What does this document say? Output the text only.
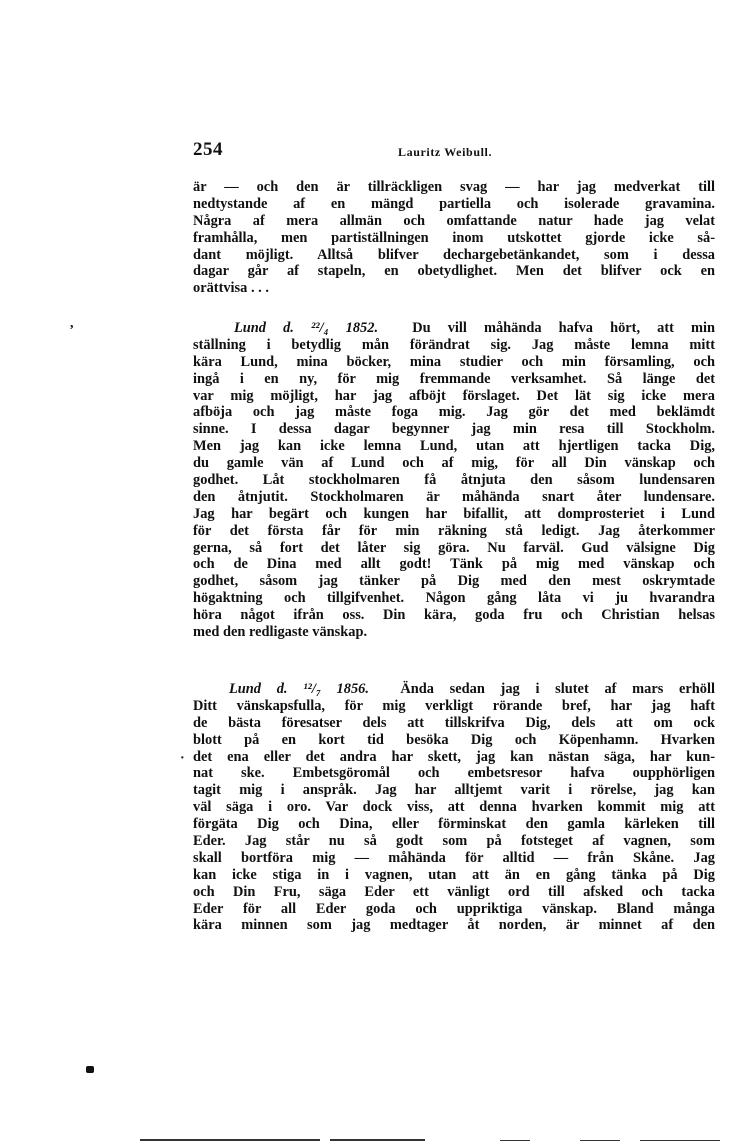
254	Lauritz Weibull.
är — och den är tillräckligen svag — har jag medverkat till
nedtystande af en mängd partiella och isolerade gravamina.
Några af mera allmän och omfattande natur hade jag velat
framhålla, men partiställningen inom utskottet gjorde icke så-
dant möjligt. Alltså blifver dechargebetänkandet, som i dessa
dagar går af stapeln, en obetydlighet. Men det blifver ock en
orättvisa . . .
Lund d. ²²/₄ 1852. Du vill måhända hafva hört, att min
ställning i betydlig mån förändrat sig. Jag måste lemna mitt
kära Lund, mina böcker, mina studier och min församling, och
ingå i en ny, för mig fremmande verksamhet. Så länge det
var mig möjligt, har jag afböjt förslaget. Det lät sig icke mera
afböja och jag måste foga mig. Jag gör det med beklämdt
sinne. I dessa dagar begynner jag min resa till Stockholm.
Men jag kan icke lemna Lund, utan att hjertligen tacka Dig,
du gamle vän af Lund och af mig, för all Din vänskap och
godhet. Låt stockholmaren få åtnjuta den såsom lundensaren
den åtnjutit. Stockholmaren är måhända snart åter lundensare.
Jag har begärt och kungen har bifallit, att domprosteriet i Lund
för det första får för min räkning stå ledigt. Jag återkommer
gerna, så fort det låter sig göra. Nu farväl. Gud välsigne Dig
och de Dina med allt godt! Tänk på mig med vänskap och
godhet, såsom jag tänker på Dig med den mest oskrymtade
högaktning och tillgifvenhet. Någon gång låta vi ju hvarandra
höra något ifrån oss. Din kära, goda fru och Christian helsas
med den redligaste vänskap.
Lund d. ¹²/₇ 1856. Ända sedan jag i slutet af mars erhöll
Ditt vänskapsfulla, för mig verkligt rörande bref, har jag haft
de bästa föresatser dels att tillskrifva Dig, dels att om ock
blott på en kort tid besöka Dig och Köpenhamn. Hvarken
det ena eller det andra har skett, jag kan nästan säga, har kun-
nat ske. Embetsgöromål och embetsresor hafva oupphörligen
tagit mig i anspråk. Jag har alltjemt varit i rörelse, jag kan
väl säga i oro. Var dock viss, att denna hvarken kommit mig att
förgäta Dig och Dina, eller förminskat den gamla kärleken till
Eder. Jag står nu så godt som på fotsteget af vagnen, som
skall bortföra mig — måhända för alltid — från Skåne. Jag
kan icke stiga in i vagnen, utan att än en gång tänka på Dig
och Din Fru, säga Eder ett vänligt ord till afsked och tacka
Eder för all Eder goda och uppriktiga vänskap. Bland många
kära minnen som jag medtager åt norden, är minnet af den
,
·
